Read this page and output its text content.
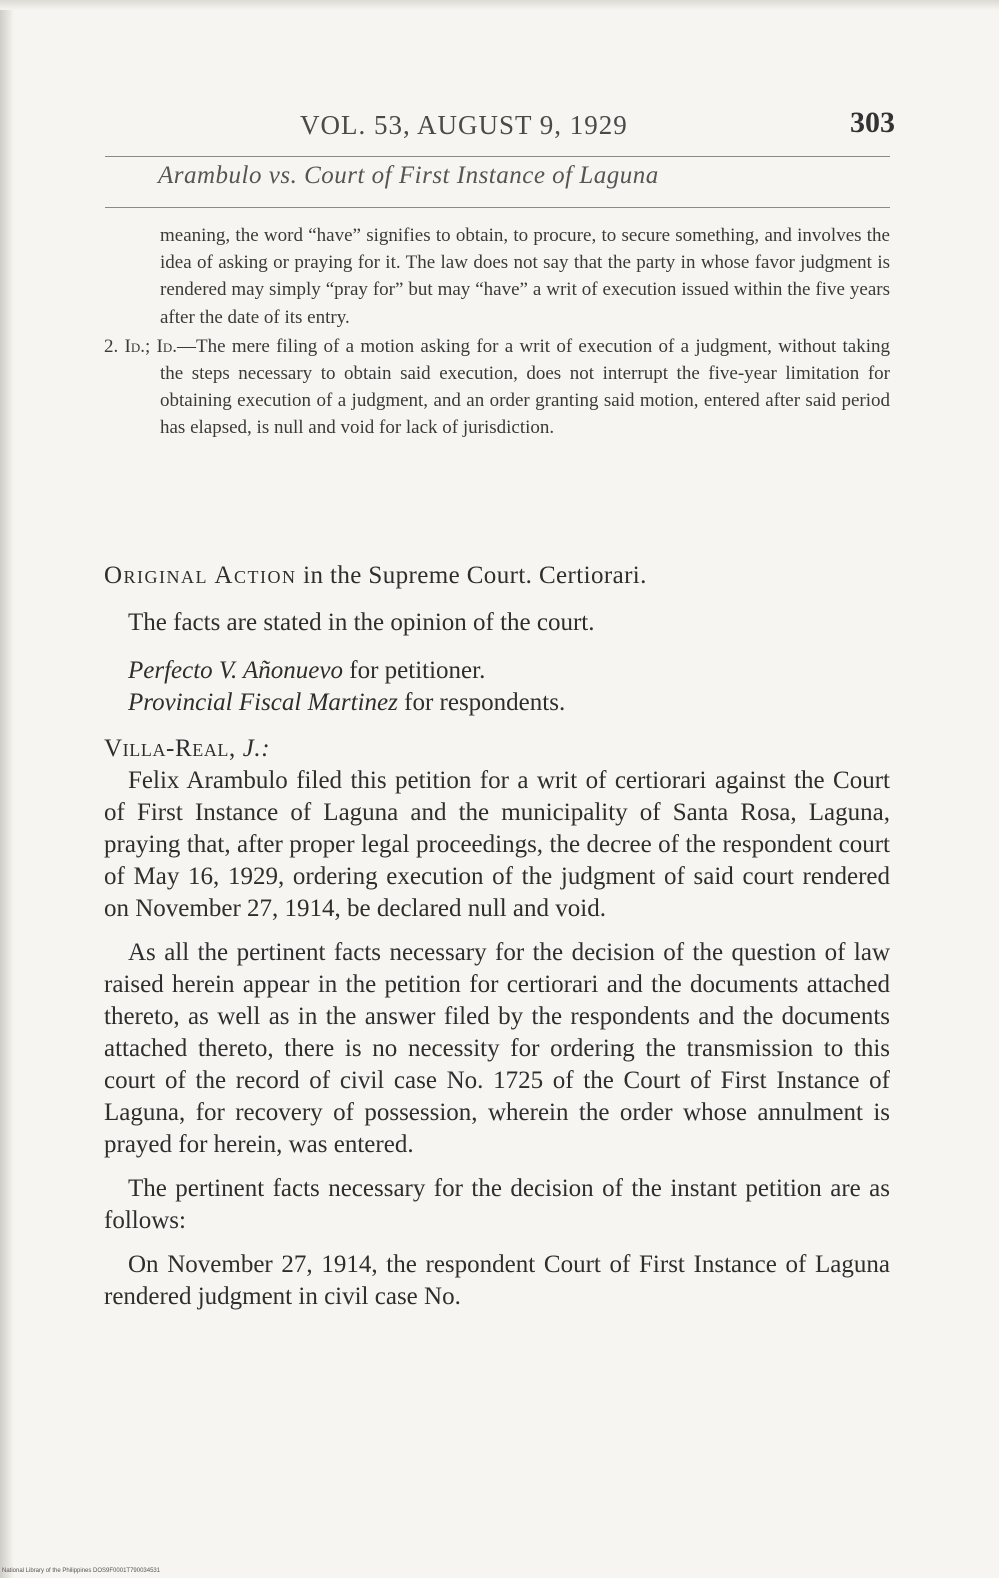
VOL. 53, AUGUST 9, 1929	303
Arambulo vs. Court of First Instance of Laguna

meaning, the word “have” signifies to obtain, to procure, to secure something, and involves the idea of asking or praying for it. The law does not say that the party in whose favor judgment is rendered may simply “pray for” but may “have” a writ of execution issued within the five years after the date of its entry.

2. Id.; Id.—The mere filing of a motion asking for a writ of execution of a judgment, without taking the steps necessary to obtain said execution, does not interrupt the five-year limitation for obtaining execution of a judgment, and an order granting said motion, entered after said period has elapsed, is null and void for lack of jurisdiction.

Original Action in the Supreme Court. Certiorari.

The facts are stated in the opinion of the court.

Perfecto V. Añonuevo for petitioner.

Provincial Fiscal Martinez for respondents.

Villa-Real, J.:

Felix Arambulo filed this petition for a writ of certiorari against the Court of First Instance of Laguna and the municipality of Santa Rosa, Laguna, praying that, after proper legal proceedings, the decree of the respondent court of May 16, 1929, ordering execution of the judgment of said court rendered on November 27, 1914, be declared null and void.

As all the pertinent facts necessary for the decision of the question of law raised herein appear in the petition for certiorari and the documents attached thereto, as well as in the answer filed by the respondents and the documents attached thereto, there is no necessity for ordering the transmission to this court of the record of civil case No. 1725 of the Court of First Instance of Laguna, for recovery of possession, wherein the order whose annulment is prayed for herein, was entered.

The pertinent facts necessary for the decision of the instant petition are as follows:

On November 27, 1914, the respondent Court of First Instance of Laguna rendered judgment in civil case No.

National Library of the Philippines DOS9F0001T790034531
